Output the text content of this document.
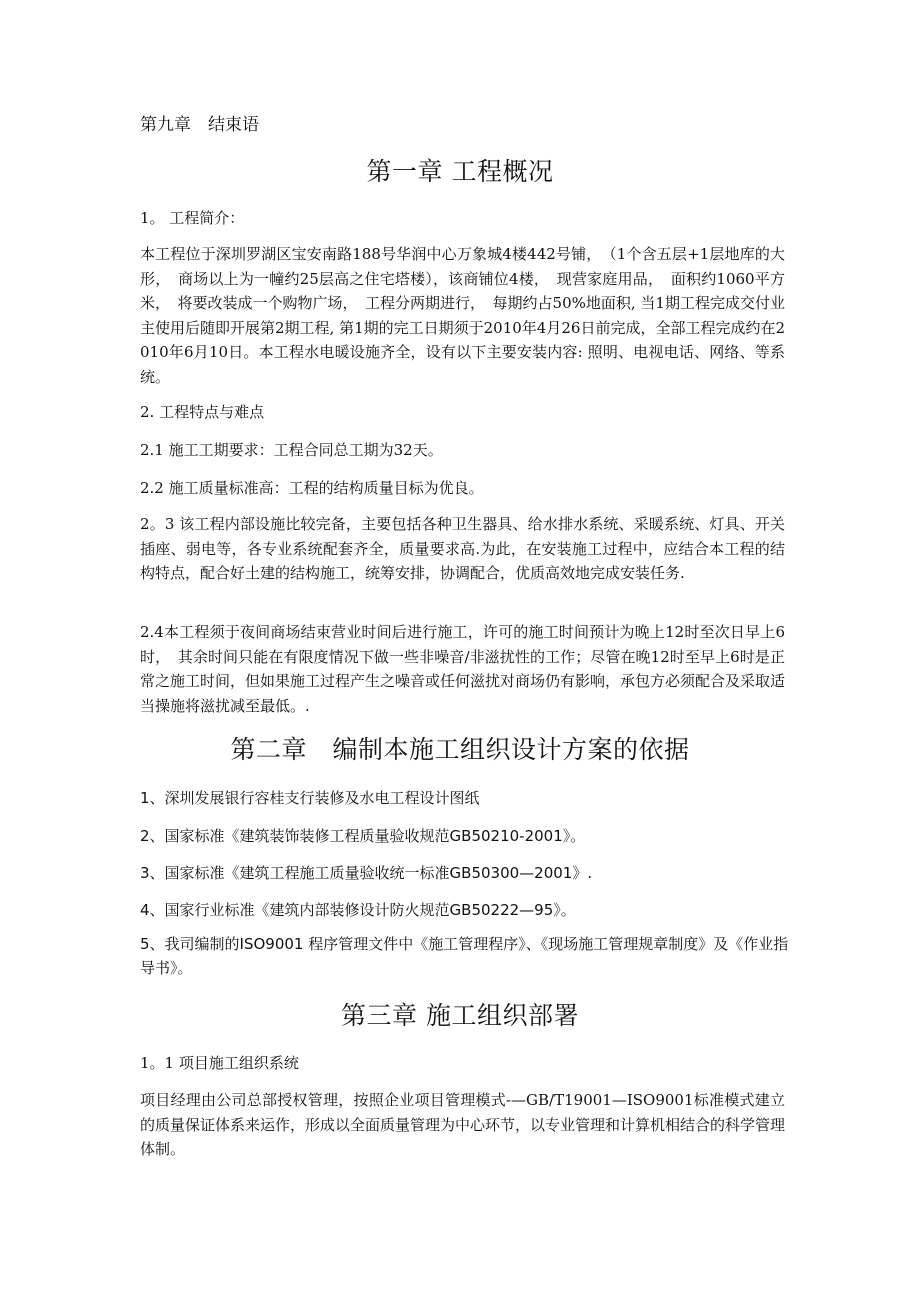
第九章　结束语
第一章 工程概况
1。 工程简介：
本工程位于深圳罗湖区宝安南路188号华润中心万象城4楼442号铺，　（1个含五层+1层地库的大形，　商场以上为一幢约25层高之住宅塔楼），该商铺位4楼，　现营家庭用品，　面积约1060平方米，　将要改装成一个购物广场，　工程分两期进行，　每期约占50%地面积, 当1期工程完成交付业主使用后随即开展第2期工程, 第1期的完工日期须于2010年4月26日前完成，全部工程完成约在2010年6月10日。本工程水电暖设施齐全，设有以下主要安装内容: 照明、电视电话、网络、等系统。
2. 工程特点与难点
2.1 施工工期要求：工程合同总工期为32天。
2.2 施工质量标准高：工程的结构质量目标为优良。
2。3 该工程内部设施比较完备，主要包括各种卫生器具、给水排水系统、采暖系统、灯具、开关插座、弱电等，各专业系统配套齐全，质量要求高.为此，在安装施工过程中，应结合本工程的结构特点，配合好土建的结构施工，统筹安排，协调配合，优质高效地完成安装任务.
2.4本工程须于夜间商场结束营业时间后进行施工，许可的施工时间预计为晚上12时至次日早上6时，　其余时间只能在有限度情况下做一些非噪音/非滋扰性的工作；尽管在晚12时至早上6时是正常之施工时间，但如果施工过程产生之噪音或任何滋扰对商场仍有影响，承包方必须配合及采取适当操施将滋扰减至最低。.
第二章　编制本施工组织设计方案的依据
1、深圳发展银行容桂支行装修及水电工程设计图纸
2、国家标准《建筑装饰装修工程质量验收规范GB50210-2001》。
3、国家标准《建筑工程施工质量验收统一标准GB50300—2001》.
4、国家行业标准《建筑内部装修设计防火规范GB50222—95》。
5、我司编制的ISO9001 程序管理文件中《施工管理程序》、《现场施工管理规章制度》及《作业指导书》。
第三章 施工组织部署
1。1 项目施工组织系统
项目经理由公司总部授权管理，按照企业项目管理模式-—GB/T19001—ISO9001标准模式建立的质量保证体系来运作，形成以全面质量管理为中心环节，以专业管理和计算机相结合的科学管理体制。
